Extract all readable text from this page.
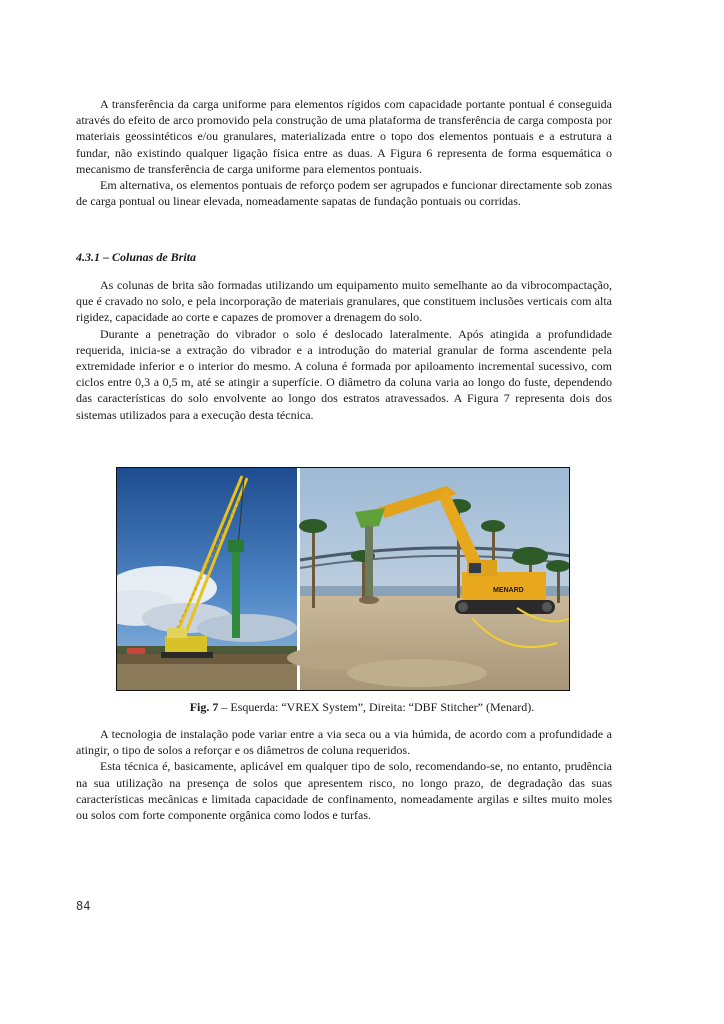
A transferência da carga uniforme para elementos rígidos com capacidade portante pontual é conseguida através do efeito de arco promovido pela construção de uma plataforma de transferência de carga composta por materiais geossintéticos e/ou granulares, materializada entre o topo dos elementos pontuais e a estrutura a fundar, não existindo qualquer ligação física entre as duas. A Figura 6 representa de forma esquemática o mecanismo de transferência de carga uniforme para elementos pontuais.

Em alternativa, os elementos pontuais de reforço podem ser agrupados e funcionar directamente sob zonas de carga pontual ou linear elevada, nomeadamente sapatas de fundação pontuais ou corridas.

4.3.1 – Colunas de Brita

As colunas de brita são formadas utilizando um equipamento muito semelhante ao da vibrocompactação, que é cravado no solo, e pela incorporação de materiais granulares, que constituem inclusões verticais com alta rigidez, capacidade ao corte e capazes de promover a drenagem do solo.

Durante a penetração do vibrador o solo é deslocado lateralmente. Após atingida a profundidade requerida, inicia-se a extração do vibrador e a introdução do material granular de forma ascendente pela extremidade inferior e o interior do mesmo. A coluna é formada por apiloamento incremental sucessivo, com ciclos entre 0,3 a 0,5 m, até se atingir a superfície. O diâmetro da coluna varia ao longo do fuste, dependendo das características do solo envolvente ao longo dos estratos atravessados. A Figura 7 representa dois dos sistemas utilizados para a execução desta técnica.

MENARD
Fig. 7 – Esquerda: “VREX System”, Direita: “DBF Stitcher” (Menard).

A tecnologia de instalação pode variar entre a via seca ou a via húmida, de acordo com a profundidade a atingir, o tipo de solos a reforçar e os diâmetros de coluna requeridos.

Esta técnica é, basicamente, aplicável em qualquer tipo de solo, recomendando-se, no entanto, prudência na sua utilização na presença de solos que apresentem risco, no longo prazo, de degradação das suas características mecânicas e limitada capacidade de confinamento, nomeadamente argilas e siltes muito moles ou solos com forte componente orgânica como lodos e turfas.

84
